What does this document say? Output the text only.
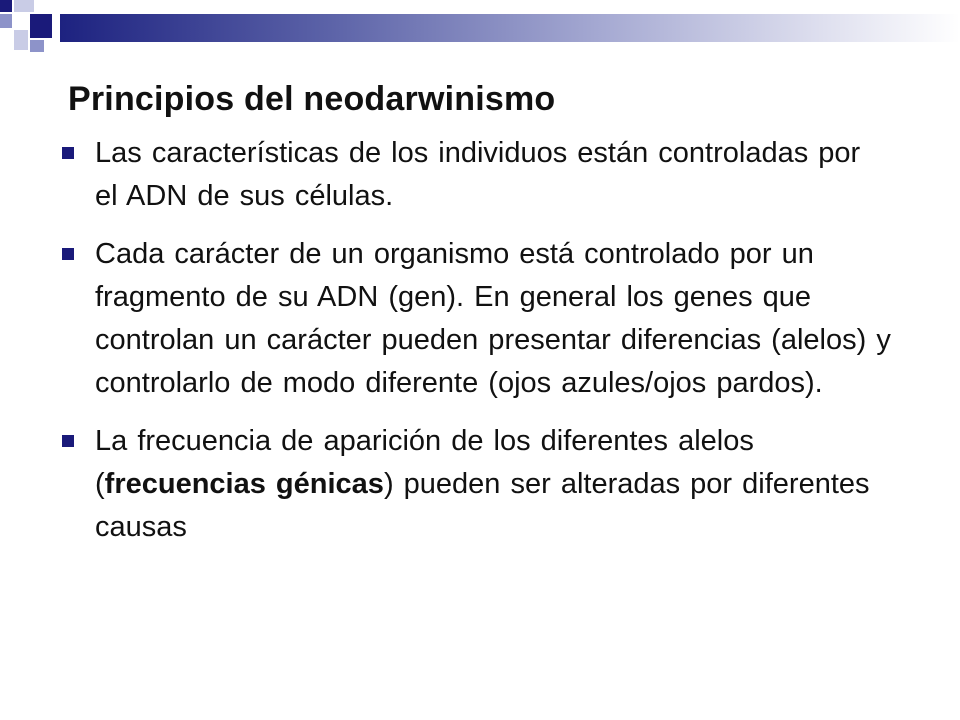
Principios del neodarwinismo
Las características de los individuos están controladas por el ADN de sus células.
Cada carácter de un organismo está controlado por un fragmento de su ADN (gen). En general los genes que controlan un carácter pueden presentar diferencias (alelos) y controlarlo de modo diferente (ojos azules/ojos pardos).
La frecuencia de aparición de los diferentes alelos (frecuencias génicas) pueden ser alteradas por diferentes causas
